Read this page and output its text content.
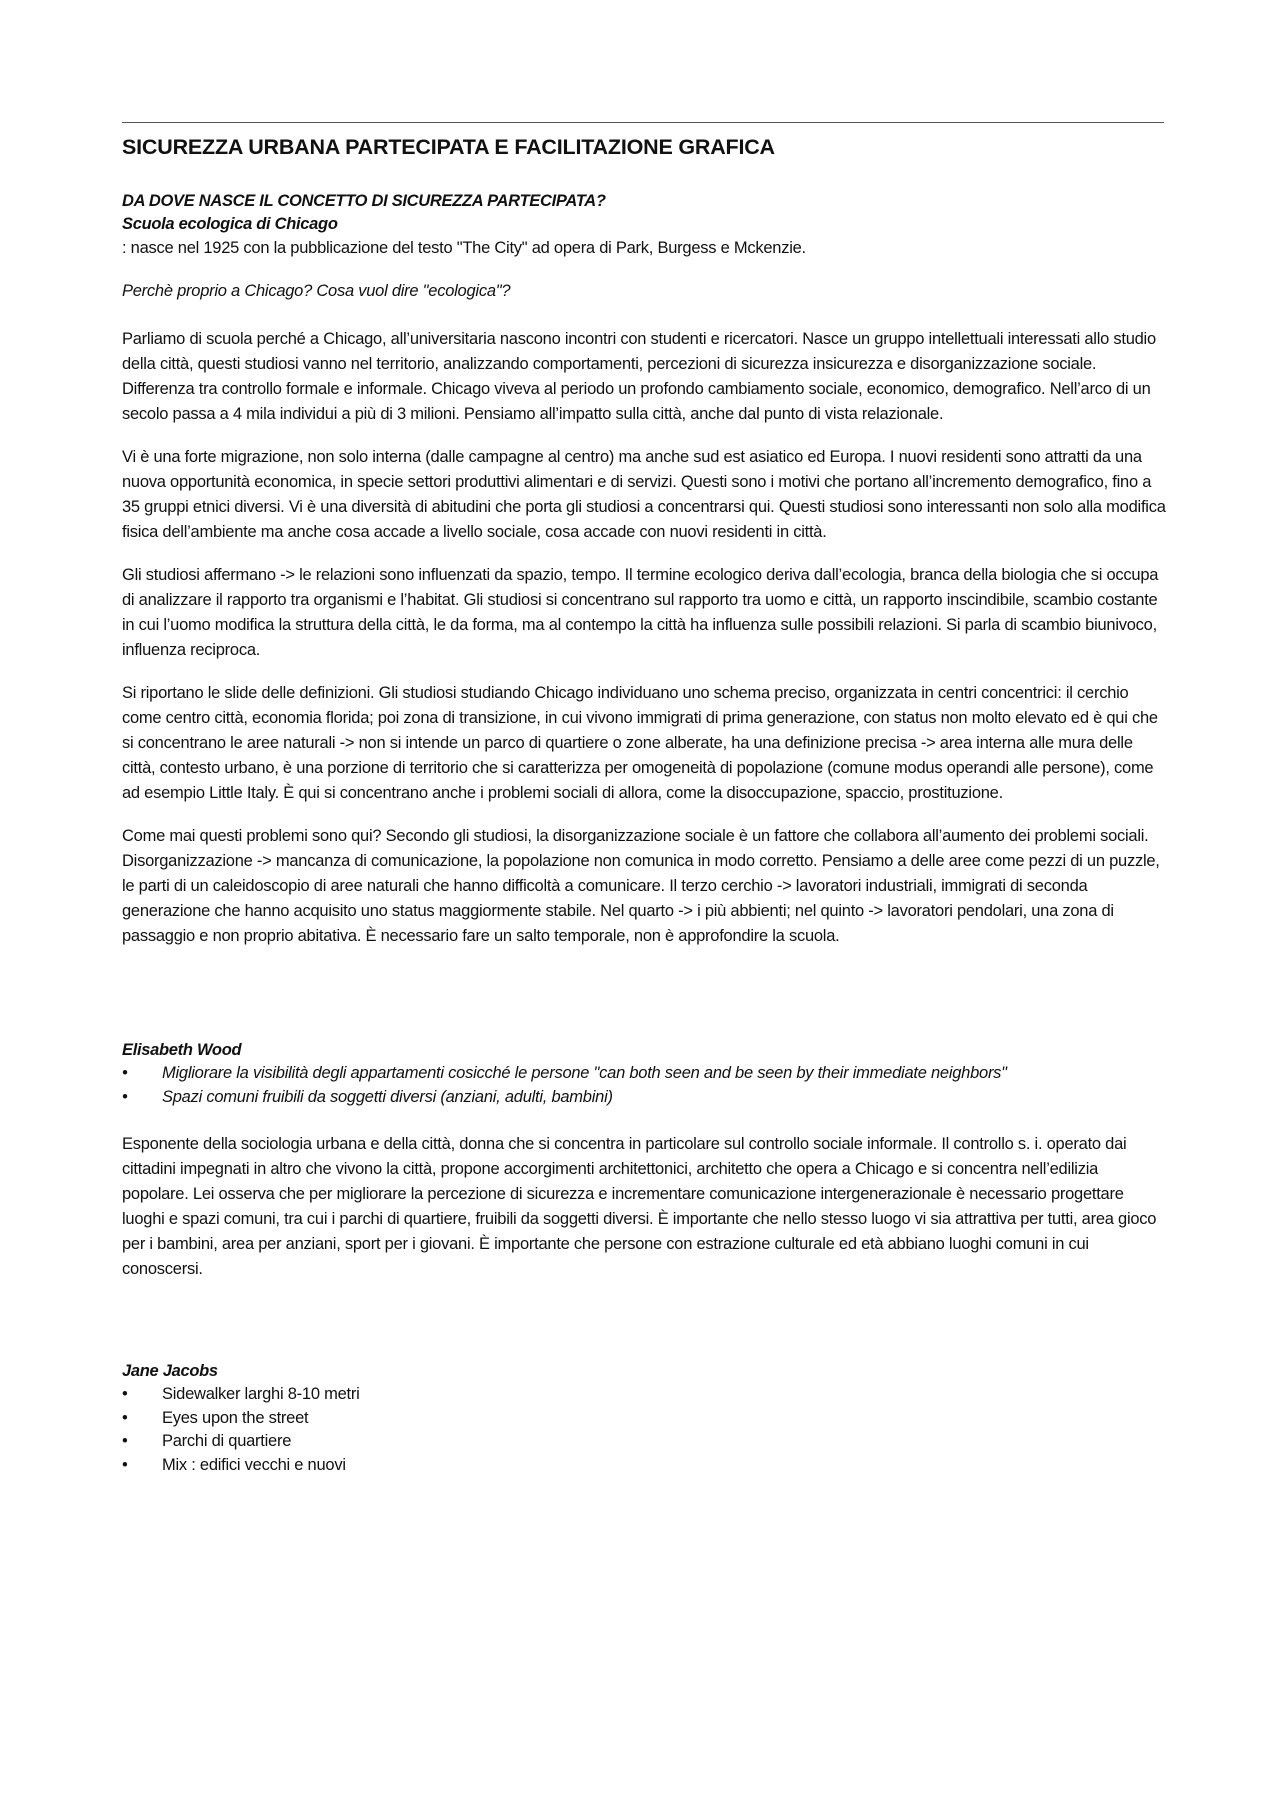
SICUREZZA URBANA PARTECIPATA E FACILITAZIONE GRAFICA
DA DOVE NASCE IL CONCETTO DI SICUREZZA PARTECIPATA?
Scuola ecologica di Chicago

: nasce nel 1925 con la pubblicazione del testo "The City" ad opera di Park, Burgess e Mckenzie.

Perchè proprio a Chicago? Cosa vuol dire "ecologica"?

Parliamo di scuola perché a Chicago, all’universitaria nascono incontri con studenti e ricercatori. Nasce un gruppo intellettuali interessati allo studio della città, questi studiosi vanno nel territorio, analizzando comportamenti, percezioni di sicurezza insicurezza e disorganizzazione sociale. Differenza tra controllo formale e informale. Chicago viveva al periodo un profondo cambiamento sociale, economico, demografico. Nell’arco di un secolo passa a 4 mila individui a più di 3 milioni. Pensiamo all’impatto sulla città, anche dal punto di vista relazionale.

Vi è una forte migrazione, non solo interna (dalle campagne al centro) ma anche sud est asiatico ed Europa. I nuovi residenti sono attratti da una nuova opportunità economica, in specie settori produttivi alimentari e di servizi. Questi sono i motivi che portano all’incremento demografico, fino a 35 gruppi etnici diversi. Vi è una diversità di abitudini che porta gli studiosi a concentrarsi qui. Questi studiosi sono interessanti non solo alla modifica fisica dell’ambiente ma anche cosa accade a livello sociale, cosa accade con nuovi residenti in città.

Gli studiosi affermano -> le relazioni sono influenzati da spazio, tempo. Il termine ecologico deriva dall’ecologia, branca della biologia che si occupa di analizzare il rapporto tra organismi e l’habitat. Gli studiosi si concentrano sul rapporto tra uomo e città, un rapporto inscindibile, scambio costante in cui l’uomo modifica la struttura della città, le da forma, ma al contempo la città ha influenza sulle possibili relazioni. Si parla di scambio biunivoco, influenza reciproca.

Si riportano le slide delle definizioni. Gli studiosi studiando Chicago individuano uno schema preciso, organizzata in centri concentrici: il cerchio come centro città, economia florida; poi zona di transizione, in cui vivono immigrati di prima generazione, con status non molto elevato ed è qui che si concentrano le aree naturali -> non si intende un parco di quartiere o zone alberate, ha una definizione precisa -> area interna alle mura delle città, contesto urbano, è una porzione di territorio che si caratterizza per omogeneità di popolazione (comune modus operandi alle persone), come ad esempio Little Italy. È qui si concentrano anche i problemi sociali di allora, come la disoccupazione, spaccio, prostituzione.

Come mai questi problemi sono qui? Secondo gli studiosi, la disorganizzazione sociale è un fattore che collabora all’aumento dei problemi sociali. Disorganizzazione -> mancanza di comunicazione, la popolazione non comunica in modo corretto. Pensiamo a delle aree come pezzi di un puzzle, le parti di un caleidoscopio di aree naturali che hanno difficoltà a comunicare. Il terzo cerchio -> lavoratori industriali, immigrati di seconda generazione che hanno acquisito uno status maggiormente stabile. Nel quarto -> i più abbienti; nel quinto -> lavoratori pendolari, una zona di passaggio e non proprio abitativa. È necessario fare un salto temporale, non è approfondire la scuola.

Elisabeth Wood
• Migliorare la visibilità degli appartamenti cosicché le persone "can both seen and be seen by their immediate neighbors"
• Spazi comuni fruibili da soggetti diversi (anziani, adulti, bambini)

Esponente della sociologia urbana e della città, donna che si concentra in particolare sul controllo sociale informale. Il controllo s. i. operato dai cittadini impegnati in altro che vivono la città, propone accorgimenti architettonici, architetto che opera a Chicago e si concentra nell’edilizia popolare. Lei osserva che per migliorare la percezione di sicurezza e incrementare comunicazione intergenerazionale è necessario progettare luoghi e spazi comuni, tra cui i parchi di quartiere, fruibili da soggetti diversi. È importante che nello stesso luogo vi sia attrattiva per tutti, area gioco per i bambini, area per anziani, sport per i giovani. È importante che persone con estrazione culturale ed età abbiano luoghi comuni in cui conoscersi.

Jane Jacobs
• Sidewalker larghi 8-10 metri
• Eyes upon the street
• Parchi di quartiere
• Mix : edifici vecchi e nuovi
